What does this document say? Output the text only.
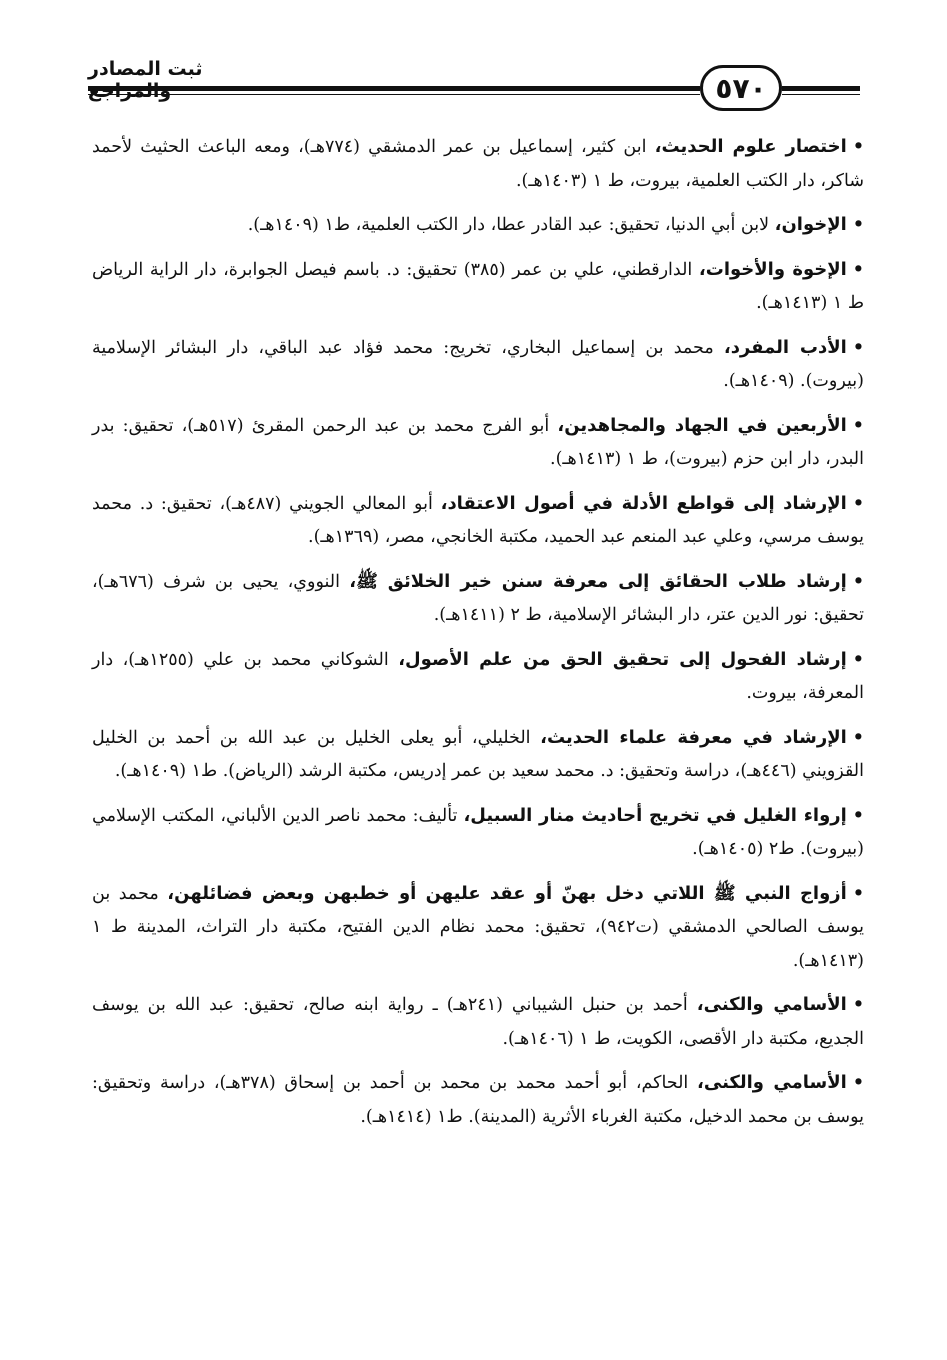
٥٧٠
ثبت المصادر والمراجع

•اختصار علوم الحديث، ابن كثير، إسماعيل بن عمر الدمشقي (٧٧٤هـ)، ومعه الباعث الحثيث لأحمد شاكر، دار الكتب العلمية، بيروت، ط ١ (١٤٠٣هـ).

•الإخوان، لابن أبي الدنيا، تحقيق: عبد القادر عطا، دار الكتب العلمية، ط١ (١٤٠٩هـ).

•الإخوة والأخوات، الدارقطني، علي بن عمر (٣٨٥) تحقيق: د. باسم فيصل الجوابرة، دار الراية الرياض ط ١ (١٤١٣هـ).

•الأدب المفرد، محمد بن إسماعيل البخاري، تخريج: محمد فؤاد عبد الباقي، دار البشائر الإسلامية (بيروت). (١٤٠٩هـ).

•الأربعين في الجهاد والمجاهدين، أبو الفرج محمد بن عبد الرحمن المقرئ (٥١٧هـ)، تحقيق: بدر البدر، دار ابن حزم (بيروت)، ط ١ (١٤١٣هـ).

•الإرشاد إلى قواطع الأدلة في أصول الاعتقاد، أبو المعالي الجويني (٤٨٧هـ)، تحقيق: د. محمد يوسف مرسي، وعلي عبد المنعم عبد الحميد، مكتبة الخانجي، مصر، (١٣٦٩هـ).

•إرشاد طلاب الحقائق إلى معرفة سنن خير الخلائق ﷺ، النووي، يحيى بن شرف (٦٧٦هـ)، تحقيق: نور الدين عتر، دار البشائر الإسلامية، ط ٢ (١٤١١هـ).

•إرشاد الفحول إلى تحقيق الحق من علم الأصول، الشوكاني محمد بن علي (١٢٥٥هـ)، دار المعرفة، بيروت.

•الإرشاد في معرفة علماء الحديث، الخليلي، أبو يعلى الخليل بن عبد الله بن أحمد بن الخليل القزويني (٤٤٦هـ)، دراسة وتحقيق: د. محمد سعيد بن عمر إدريس، مكتبة الرشد (الرياض). ط١ (١٤٠٩هـ).

•إرواء الغليل في تخريج أحاديث منار السبيل، تأليف: محمد ناصر الدين الألباني، المكتب الإسلامي (بيروت). ط٢ (١٤٠٥هـ).

•أزواج النبي ﷺ اللاتي دخل بهنّ أو عقد عليهن أو خطبهن وبعض فضائلهن، محمد بن يوسف الصالحي الدمشقي (ت٩٤٢)، تحقيق: محمد نظام الدين الفتيح، مكتبة دار التراث، المدينة ط ١ (١٤١٣هـ).

•الأسامي والكنى، أحمد بن حنبل الشيباني (٢٤١هـ) ـ رواية ابنه صالح، تحقيق: عبد الله بن يوسف الجديع، مكتبة دار الأقصى، الكويت، ط ١ (١٤٠٦هـ).

•الأسامي والكنى، الحاكم، أبو أحمد محمد بن محمد بن أحمد بن إسحاق (٣٧٨هـ)، دراسة وتحقيق: يوسف بن محمد الدخيل، مكتبة الغرباء الأثرية (المدينة). ط١ (١٤١٤هـ).
